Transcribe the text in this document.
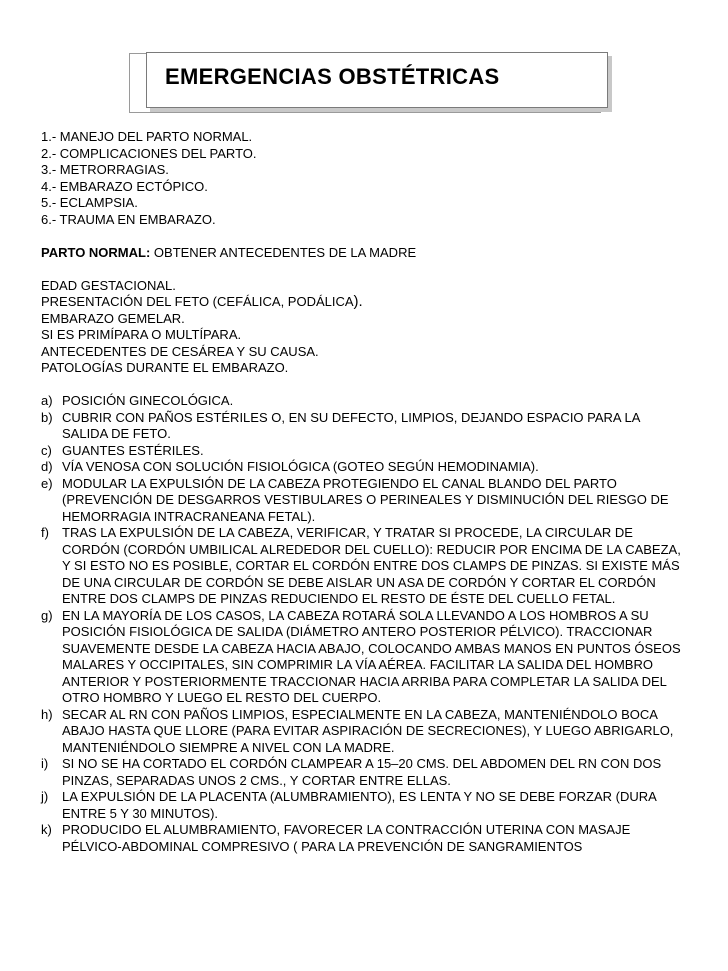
EMERGENCIAS OBSTÉTRICAS
1.- MANEJO DEL PARTO NORMAL.
2.- COMPLICACIONES DEL PARTO.
3.- METRORRAGIAS.
4.- EMBARAZO ECTÓPICO.
5.- ECLAMPSIA.
6.- TRAUMA EN EMBARAZO.
PARTO NORMAL: OBTENER ANTECEDENTES DE LA MADRE
EDAD GESTACIONAL.
PRESENTACIÓN DEL FETO (CEFÁLICA, PODÁLICA).
EMBARAZO GEMELAR.
SI ES PRIMÍPARA O MULTÍPARA.
ANTECEDENTES DE CESÁREA Y SU CAUSA.
PATOLOGÍAS DURANTE EL EMBARAZO.
a) POSICIÓN GINECOLÓGICA.
b) CUBRIR CON PAÑOS ESTÉRILES O, EN SU DEFECTO, LIMPIOS, DEJANDO ESPACIO PARA LA
SALIDA DE FETO.
c) GUANTES ESTÉRILES.
d) VÍA VENOSA CON SOLUCIÓN FISIOLÓGICA (GOTEO SEGÚN HEMODINAMIA).
e) MODULAR LA EXPULSIÓN DE LA CABEZA PROTEGIENDO EL CANAL BLANDO DEL PARTO
(PREVENCIÓN DE DESGARROS VESTIBULARES O PERINEALES Y DISMINUCIÓN DEL RIESGO DE
HEMORRAGIA INTRACRANEANA FETAL).
f) TRAS LA EXPULSIÓN DE LA CABEZA, VERIFICAR, Y TRATAR SI PROCEDE, LA CIRCULAR DE
CORDÓN (CORDÓN UMBILICAL ALREDEDOR DEL CUELLO): REDUCIR POR ENCIMA DE LA CABEZA,
Y SI ESTO NO ES POSIBLE, CORTAR EL CORDÓN ENTRE DOS CLAMPS DE PINZAS. SI EXISTE MÁS
DE UNA CIRCULAR DE CORDÓN SE DEBE AISLAR UN ASA DE CORDÓN Y CORTAR EL CORDÓN
ENTRE DOS CLAMPS DE PINZAS REDUCIENDO EL RESTO DE ÉSTE DEL CUELLO FETAL.
g) EN LA MAYORÍA DE LOS CASOS, LA CABEZA ROTARÁ SOLA LLEVANDO A LOS HOMBROS A SU
POSICIÓN FISIOLÓGICA DE SALIDA (DIÁMETRO ANTERO POSTERIOR PÉLVICO). TRACCIONAR
SUAVEMENTE DESDE LA CABEZA HACIA ABAJO, COLOCANDO AMBAS MANOS EN PUNTOS ÓSEOS
MALARES Y OCCIPITALES, SIN COMPRIMIR LA VÍA AÉREA. FACILITAR LA SALIDA DEL HOMBRO
ANTERIOR Y POSTERIORMENTE TRACCIONAR HACIA ARRIBA PARA COMPLETAR LA SALIDA DEL
OTRO HOMBRO Y LUEGO EL RESTO DEL CUERPO.
h) SECAR AL RN CON PAÑOS LIMPIOS, ESPECIALMENTE EN LA CABEZA, MANTENIÉNDOLO BOCA
ABAJO HASTA QUE LLORE (PARA EVITAR ASPIRACIÓN DE SECRECIONES), Y LUEGO ABRIGARLO,
MANTENIÉNDOLO SIEMPRE A NIVEL CON LA MADRE.
i) SI NO SE HA CORTADO EL CORDÓN CLAMPEAR A 15–20 CMS. DEL ABDOMEN DEL RN CON DOS
PINZAS, SEPARADAS UNOS 2 CMS., Y CORTAR ENTRE ELLAS.
j) LA EXPULSIÓN DE LA PLACENTA (ALUMBRAMIENTO), ES LENTA Y NO SE DEBE FORZAR (DURA
ENTRE 5 Y 30 MINUTOS).
k) PRODUCIDO EL ALUMBRAMIENTO, FAVORECER LA CONTRACCIÓN UTERINA CON MASAJE
PÉLVICO-ABDOMINAL COMPRESIVO ( PARA LA PREVENCIÓN DE SANGRAMIENTOS
